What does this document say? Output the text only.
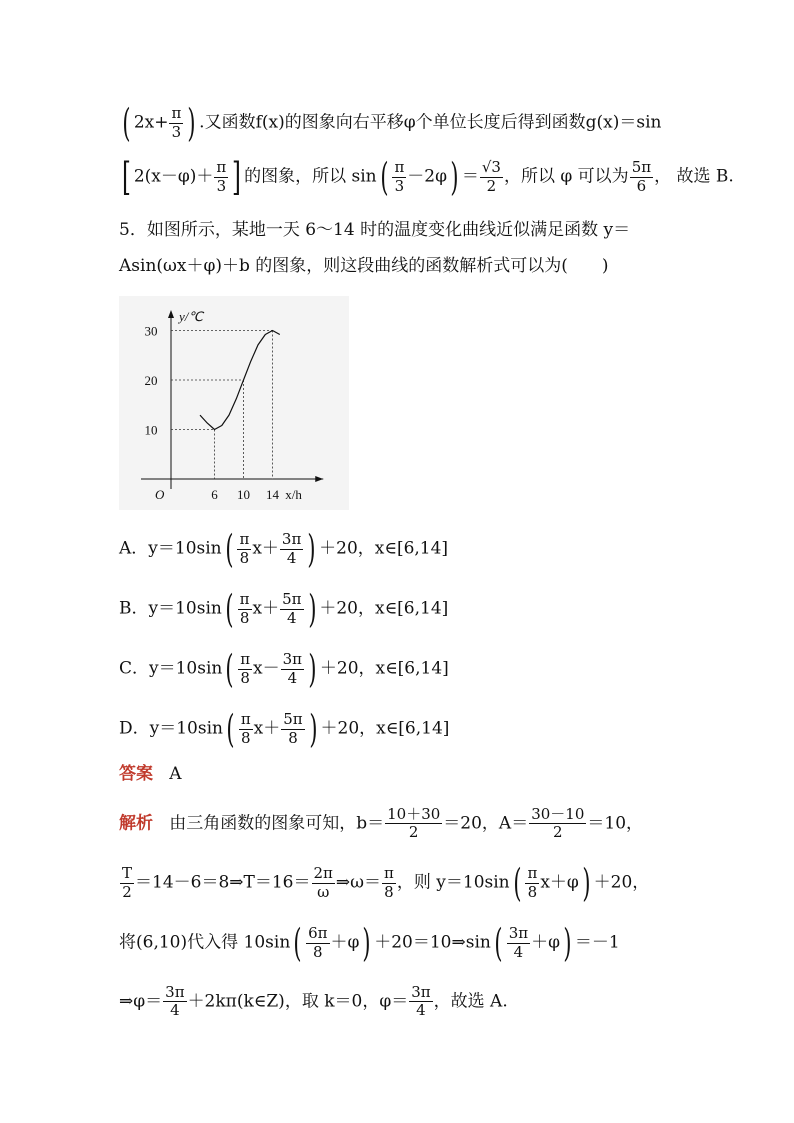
( $2x+ \frac{\pi}{3}$ ) .又函数f(x)的图象向右平移φ个单位长度后得到函数g(x)＝sin
[ $2(x-\varphi)+ \frac{\pi}{3}$ ] 的图象，所以 $\sin( \frac{\pi}{3} -2\varphi) = \frac{√3}{2}$ ，所以 φ 可以为 $\frac{5\pi}{6}$ ， 故选 B.
5．如图所示，某地一天 6～14 时的温度变化曲线近似满足函数 y＝
Asin(ωx＋φ)＋b 的图象，则这段曲线的函数解析式可以为(　　)
y/℃
x/h
O
10
20
30
6 10 14
A．$y=10\sin( \frac{\pi}{8} x+ \frac{3\pi}{4}$ ) ＋20，x∈[6,14]
B．$y=10\sin( \frac{\pi}{8} x+ \frac{5\pi}{4}$ ) ＋20，x∈[6,14]
C．$y=10\sin( \frac{\pi}{8} x- \frac{3\pi}{4}$ ) ＋20，x∈[6,14]
D．$y=10\sin( \frac{\pi}{8} x+ \frac{5\pi}{8}$ ) ＋20，x∈[6,14]
答案 A
解析 由三角函数的图象可知，$b= \frac{10+30}{2} =20$，$A= \frac{30-10}{2} =10$，
$\frac{T}{2}$ ＝14－6＝8⇒T＝16＝ $\frac{2\pi}{\omega}$ ⇒ω＝ $\frac{\pi}{8}$ ，则 $y=10\sin( \frac{\pi}{8} x+\varphi) +20$，
将(6,10)代入得 $10\sin( \frac{6\pi}{8} +\varphi)$ ＋20＝10⇒sin( $\frac{3\pi}{4} +\varphi) =-1$
⇒φ＝ $\frac{3\pi}{4}$ ＋2kπ(k∈Z)，取 k＝0，$\varphi= \frac{3\pi}{4}$ ，故选 A.
